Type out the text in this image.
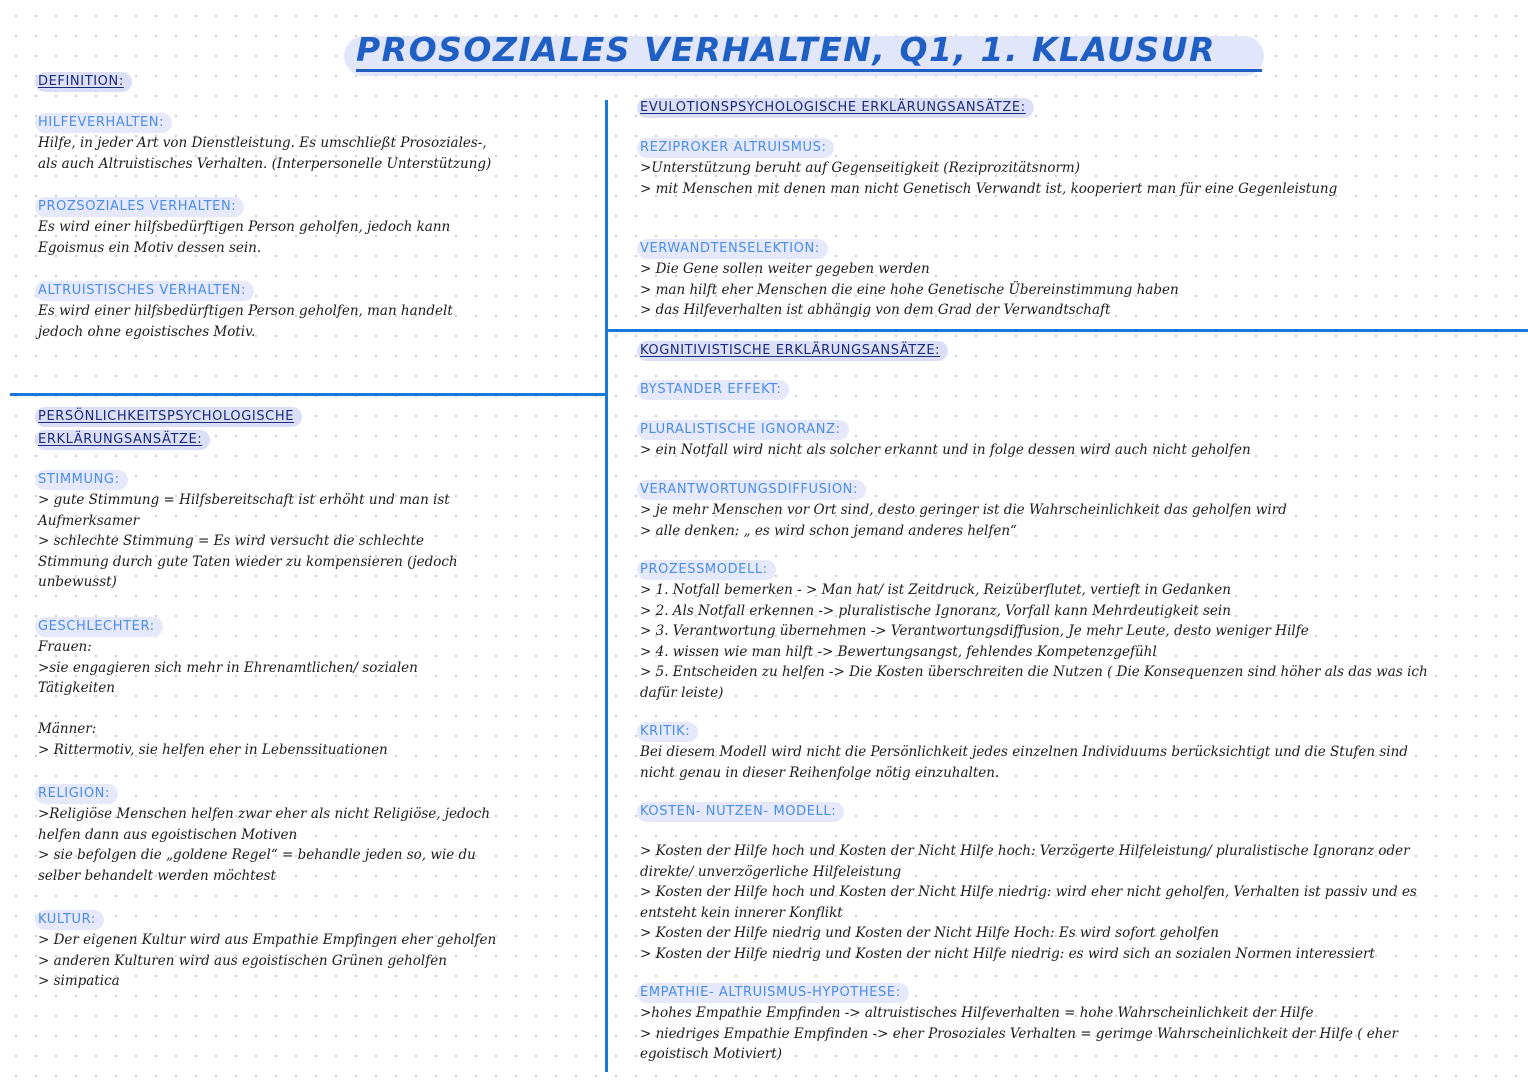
PROSOZIALES VERHALTEN, Q1, 1. KLAUSUR
DEFINITION:
HILFEVERHALTEN:
Hilfe, in jeder Art von Dienstleistung. Es umschließt Prosoziales-,
als auch Altruistisches Verhalten. (Interpersonelle Unterstützung)
PROZSOZIALES VERHALTEN:
Es wird einer hilfsbedürftigen Person geholfen, jedoch kann
Egoismus ein Motiv dessen sein.
ALTRUISTISCHES VERHALTEN:
Es wird einer hilfsbedürftigen Person geholfen, man handelt
jedoch ohne egoistisches Motiv.
PERSÖNLICHKEITSPSYCHOLOGISCHE
ERKLÄRUNGSANSÄTZE:
STIMMUNG:
> gute Stimmung = Hilfsbereitschaft ist erhöht und man ist
Aufmerksamer
> schlechte Stimmung = Es wird versucht die schlechte
Stimmung durch gute Taten wieder zu kompensieren (jedoch
unbewusst)
GESCHLECHTER:
Frauen:
>sie engagieren sich mehr in Ehrenamtlichen/ sozialen
Tätigkeiten
Männer:
> Rittermotiv, sie helfen eher in Lebenssituationen
RELIGION:
>Religiöse Menschen helfen zwar eher als nicht Religiöse, jedoch
helfen dann aus egoistischen Motiven
> sie befolgen die „goldene Regel“ = behandle jeden so, wie du
selber behandelt werden möchtest
KULTUR:
> Der eigenen Kultur wird aus Empathie Empfingen eher geholfen
> anderen Kulturen wird aus egoistischen Grünen geholfen
> simpatica
EVULOTIONSPSYCHOLOGISCHE ERKLÄRUNGSANSÄTZE:
REZIPROKER ALTRUISMUS:
>Unterstützung beruht auf Gegenseitigkeit (Reziprozitätsnorm)
> mit Menschen mit denen man nicht Genetisch Verwandt ist, kooperiert man für eine Gegenleistung
VERWANDTENSELEKTION:
> Die Gene sollen weiter gegeben werden
> man hilft eher Menschen die eine hohe Genetische Übereinstimmung haben
> das Hilfeverhalten ist abhängig von dem Grad der Verwandtschaft
KOGNITIVISTISCHE ERKLÄRUNGSANSÄTZE:
BYSTANDER EFFEKT:
PLURALISTISCHE IGNORANZ:
> ein Notfall wird nicht als solcher erkannt und in folge dessen wird auch nicht geholfen
VERANTWORTUNGSDIFFUSION:
> je mehr Menschen vor Ort sind, desto geringer ist die Wahrscheinlichkeit das geholfen wird
> alle denken: „ es wird schon jemand anderes helfen“
PROZESSMODELL:
> 1. Notfall bemerken - > Man hat/ ist Zeitdruck, Reizüberflutet, vertieft in Gedanken
> 2. Als Notfall erkennen -> pluralistische Ignoranz, Vorfall kann Mehrdeutigkeit sein
> 3. Verantwortung übernehmen -> Verantwortungsdiffusion, Je mehr Leute, desto weniger Hilfe
> 4. wissen wie man hilft -> Bewertungsangst, fehlendes Kompetenzgefühl
> 5. Entscheiden zu helfen -> Die Kosten überschreiten die Nutzen ( Die Konsequenzen sind höher als das was ich
dafür leiste)
KRITIK:
Bei diesem Modell wird nicht die Persönlichkeit jedes einzelnen Individuums berücksichtigt und die Stufen sind
nicht genau in dieser Reihenfolge nötig einzuhalten.
KOSTEN- NUTZEN- MODELL:
> Kosten der Hilfe hoch und Kosten der Nicht Hilfe hoch: Verzögerte Hilfeleistung/ pluralistische Ignoranz oder
direkte/ unverzögerliche Hilfeleistung
> Kosten der Hilfe hoch und Kosten der Nicht Hilfe niedrig: wird eher nicht geholfen, Verhalten ist passiv und es
entsteht kein innerer Konflikt
> Kosten der Hilfe niedrig und Kosten der Nicht Hilfe Hoch: Es wird sofort geholfen
> Kosten der Hilfe niedrig und Kosten der nicht Hilfe niedrig: es wird sich an sozialen Normen interessiert
EMPATHIE- ALTRUISMUS-HYPOTHESE:
>hohes Empathie Empfinden -> altruistisches Hilfeverhalten = hohe Wahrscheinlichkeit der Hilfe
> niedriges Empathie Empfinden -> eher Prosoziales Verhalten = gerimge Wahrscheinlichkeit der Hilfe ( eher
egoistisch Motiviert)
